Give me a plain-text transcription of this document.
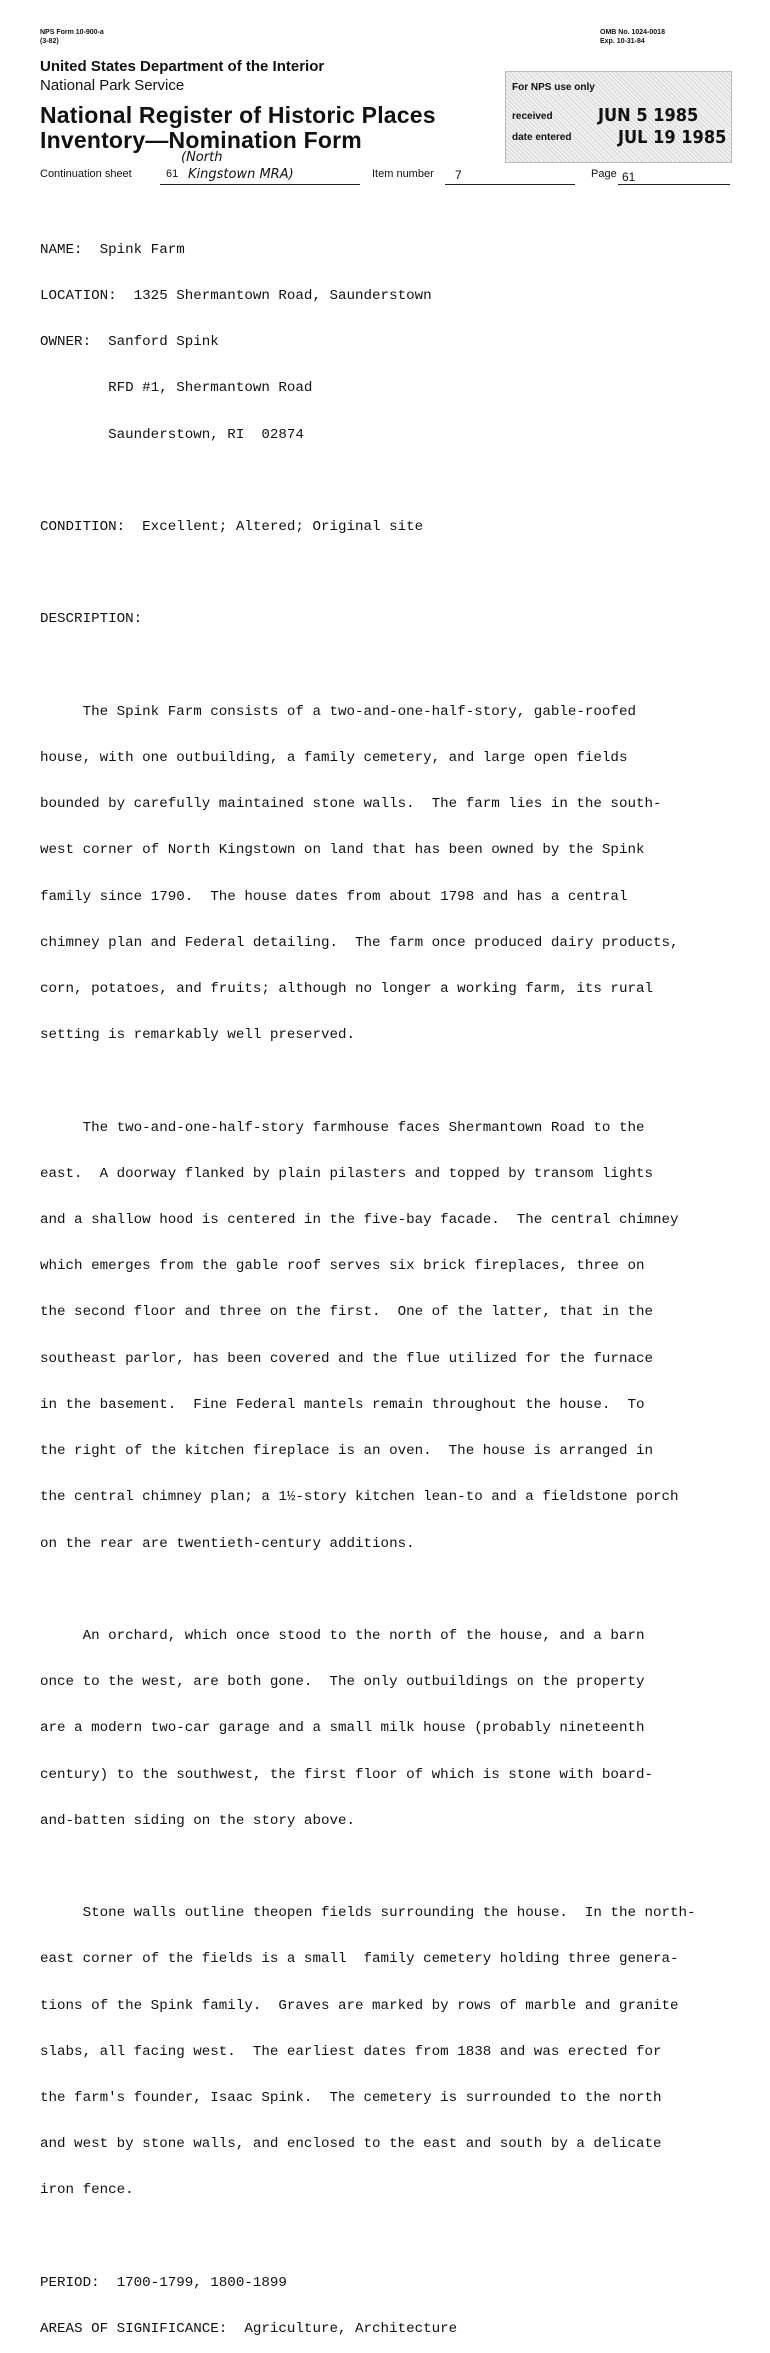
NPS Form 10-900-a
(3-82)
OMB No. 1024-0018
Exp. 10-31-84
United States Department of the Interior
National Park Service
National Register of Historic Places
Inventory—Nomination Form
For NPS use only
received	JUN 5 1985
date entered	JUL 19 1985
Continuation sheet	61
(North
Kingstown MRA)	Item number 7	Page 61

NAME:  Spink Farm

LOCATION:  1325 Shermantown Road, Saunderstown

OWNER:  Sanford Spink

RFD #1, Shermantown Road

Saunderstown, RI  02874

CONDITION:  Excellent; Altered; Original site

DESCRIPTION:

The Spink Farm consists of a two-and-one-half-story, gable-roofed

house, with one outbuilding, a family cemetery, and large open fields

bounded by carefully maintained stone walls.  The farm lies in the south-

west corner of North Kingstown on land that has been owned by the Spink

family since 1790.  The house dates from about 1798 and has a central

chimney plan and Federal detailing.  The farm once produced dairy products,

corn, potatoes, and fruits; although no longer a working farm, its rural

setting is remarkably well preserved.

The two-and-one-half-story farmhouse faces Shermantown Road to the

east.  A doorway flanked by plain pilasters and topped by transom lights

and a shallow hood is centered in the five-bay facade.  The central chimney

which emerges from the gable roof serves six brick fireplaces, three on

the second floor and three on the first.  One of the latter, that in the

southeast parlor, has been covered and the flue utilized for the furnace

in the basement.  Fine Federal mantels remain throughout the house.  To

the right of the kitchen fireplace is an oven.  The house is arranged in

the central chimney plan; a 1½-story kitchen lean-to and a fieldstone porch

on the rear are twentieth-century additions.

An orchard, which once stood to the north of the house, and a barn

once to the west, are both gone.  The only outbuildings on the property

are a modern two-car garage and a small milk house (probably nineteenth

century) to the southwest, the first floor of which is stone with board-

and-batten siding on the story above.

Stone walls outline theopen fields surrounding the house.  In the north-

east corner of the fields is a small  family cemetery holding three genera-

tions of the Spink family.  Graves are marked by rows of marble and granite

slabs, all facing west.  The earliest dates from 1838 and was erected for

the farm's founder, Isaac Spink.  The cemetery is surrounded to the north

and west by stone walls, and enclosed to the east and south by a delicate

iron fence.

PERIOD:  1700-1799, 1800-1899

AREAS OF SIGNIFICANCE:  Agriculture, Architecture
